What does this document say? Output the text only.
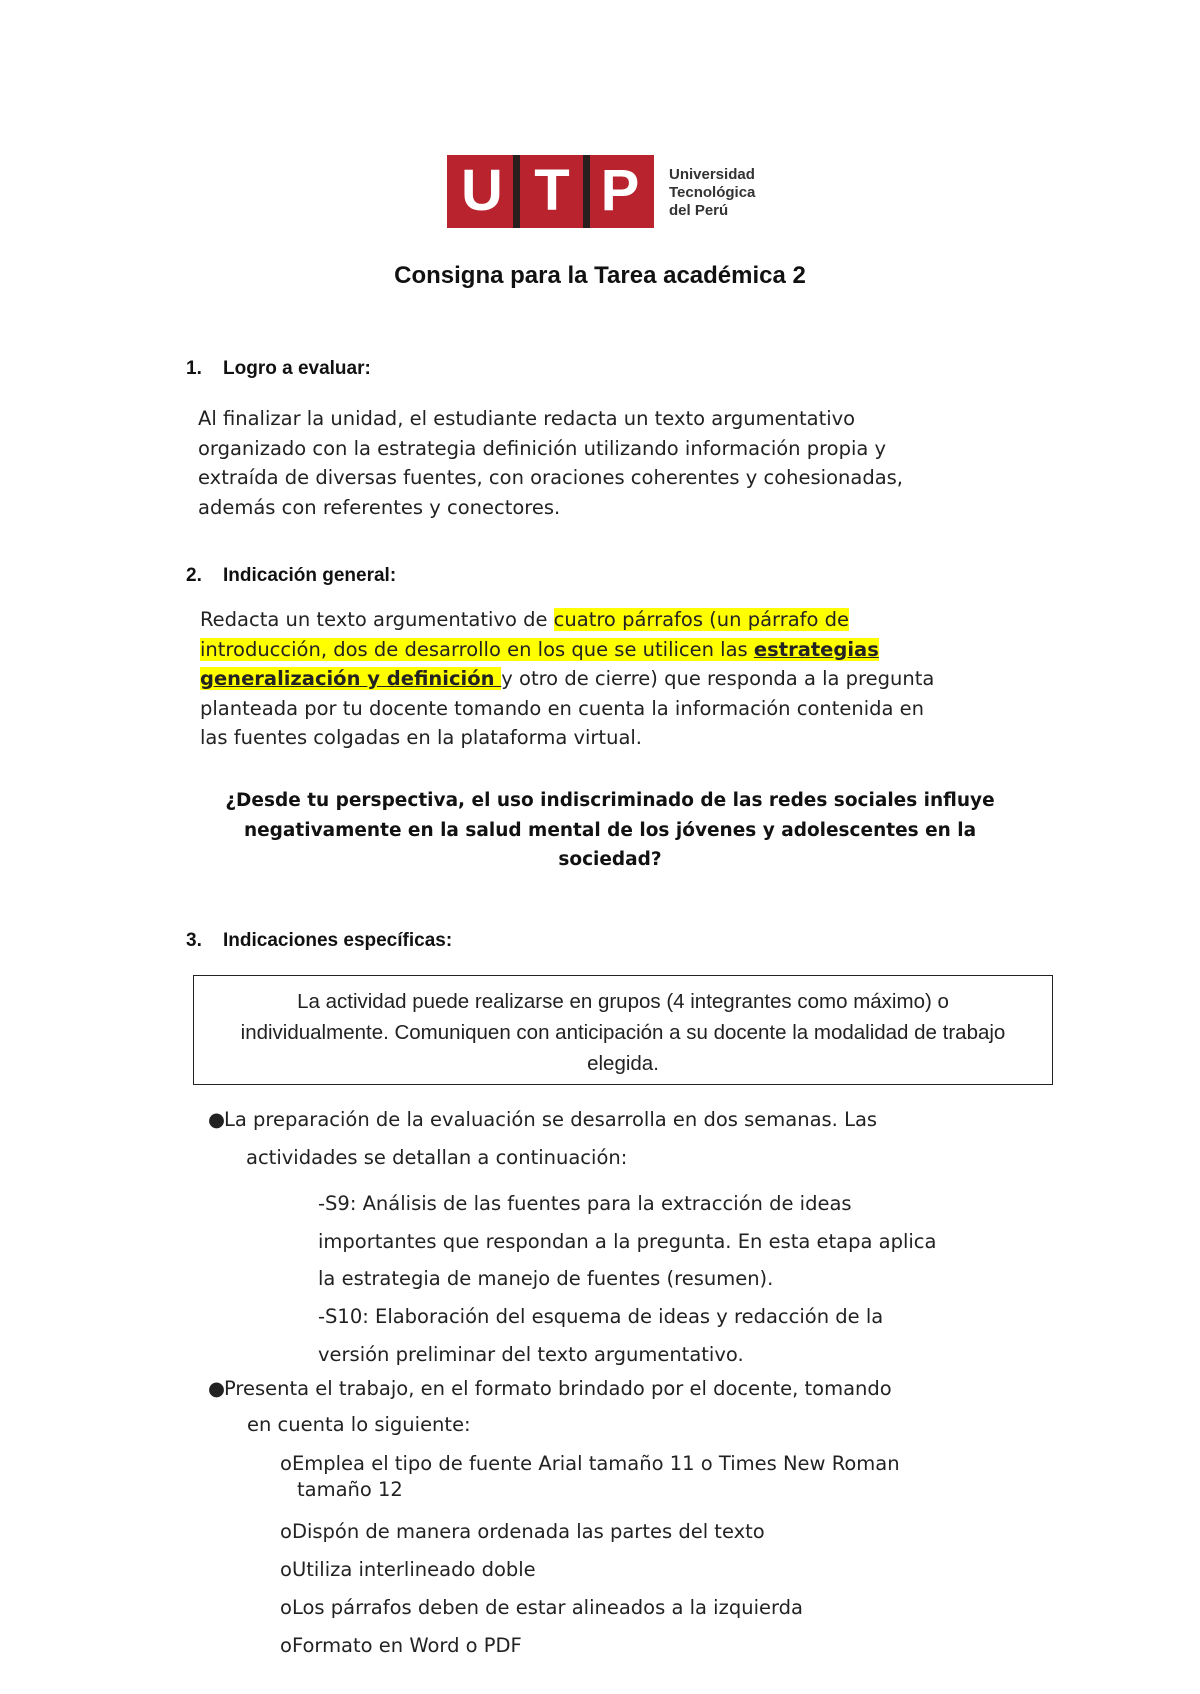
U T P	Universidad
Tecnológica
del Perú
Consigna para la Tarea académica 2
1. Logro a evaluar:
Al finalizar la unidad, el estudiante redacta un texto argumentativo
organizado con la estrategia definición utilizando información propia y
extraída de diversas fuentes, con oraciones coherentes y cohesionadas,
además con referentes y conectores.
2. Indicación general:
Redacta un texto argumentativo de cuatro párrafos (un párrafo de
introducción, dos de desarrollo en los que se utilicen las estrategias
generalización y definición y otro de cierre) que responda a la pregunta
planteada por tu docente tomando en cuenta la información contenida en
las fuentes colgadas en la plataforma virtual.
¿Desde tu perspectiva, el uso indiscriminado de las redes sociales influye
negativamente en la salud mental de los jóvenes y adolescentes en la
sociedad?
3. Indicaciones específicas:
La actividad puede realizarse en grupos (4 integrantes como máximo) o
individualmente. Comuniquen con anticipación a su docente la modalidad de trabajo
elegida.
●La preparación de la evaluación se desarrolla en dos semanas. Las
actividades se detallan a continuación:
-S9: Análisis de las fuentes para la extracción de ideas
importantes que respondan a la pregunta. En esta etapa aplica
la estrategia de manejo de fuentes (resumen).
-S10: Elaboración del esquema de ideas y redacción de la
versión preliminar del texto argumentativo.
●Presenta el trabajo, en el formato brindado por el docente, tomando
en cuenta lo siguiente:
oEmplea el tipo de fuente Arial tamaño 11 o Times New Roman
tamaño 12
oDispón de manera ordenada las partes del texto
oUtiliza interlineado doble
oLos párrafos deben de estar alineados a la izquierda
oFormato en Word o PDF
